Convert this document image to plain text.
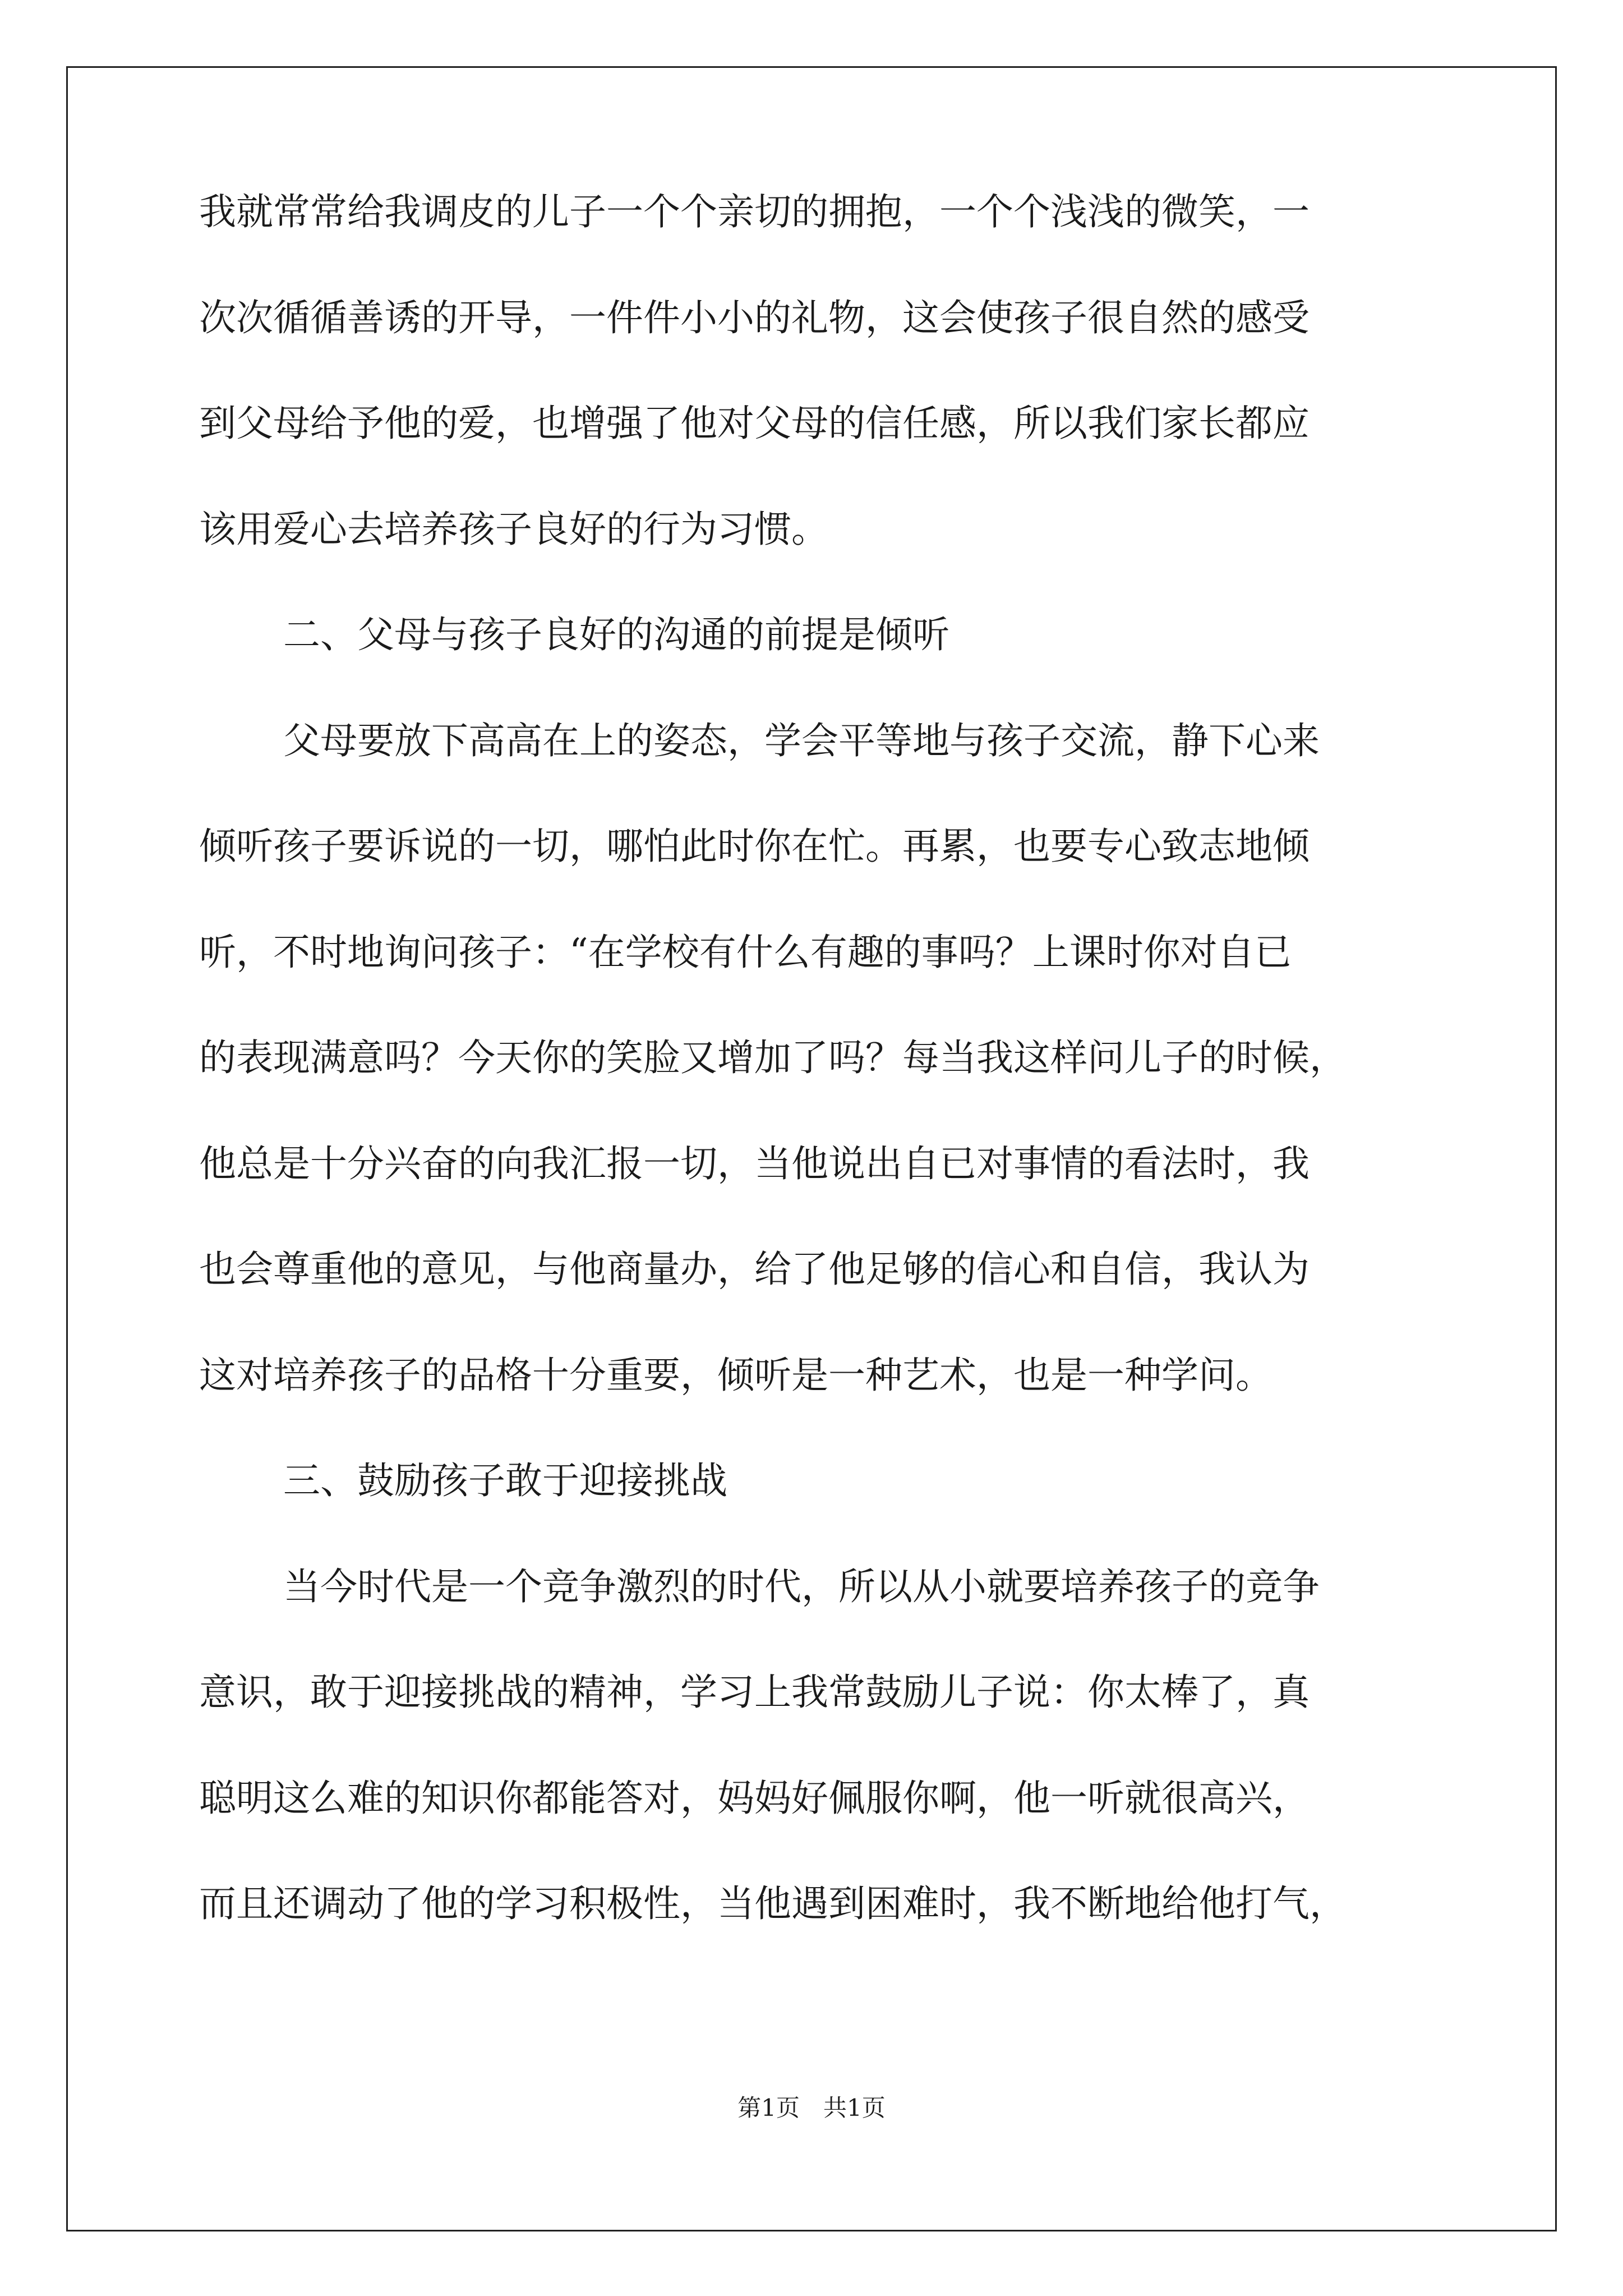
我就常常给我调皮的儿子一个个亲切的拥抱，一个个浅浅的微笑，一
次次循循善诱的开导，一件件小小的礼物，这会使孩子很自然的感受
到父母给予他的爱，也增强了他对父母的信任感，所以我们家长都应
该用爱心去培养孩子良好的行为习惯。
二、父母与孩子良好的沟通的前提是倾听
父母要放下高高在上的姿态，学会平等地与孩子交流，静下心来
倾听孩子要诉说的一切，哪怕此时你在忙。再累，也要专心致志地倾
听，不时地询问孩子：“在学校有什么有趣的事吗？上课时你对自已
的表现满意吗？今天你的笑脸又增加了吗？每当我这样问儿子的时候，
他总是十分兴奋的向我汇报一切，当他说出自已对事情的看法时，我
也会尊重他的意见，与他商量办，给了他足够的信心和自信，我认为
这对培养孩子的品格十分重要，倾听是一种艺术，也是一种学问。
三、鼓励孩子敢于迎接挑战
当今时代是一个竞争激烈的时代，所以从小就要培养孩子的竞争
意识，敢于迎接挑战的精神，学习上我常鼓励儿子说：你太棒了，真
聪明这么难的知识你都能答对，妈妈好佩服你啊，他一听就很高兴，
而且还调动了他的学习积极性，当他遇到困难时，我不断地给他打气，
第1页　共1页
